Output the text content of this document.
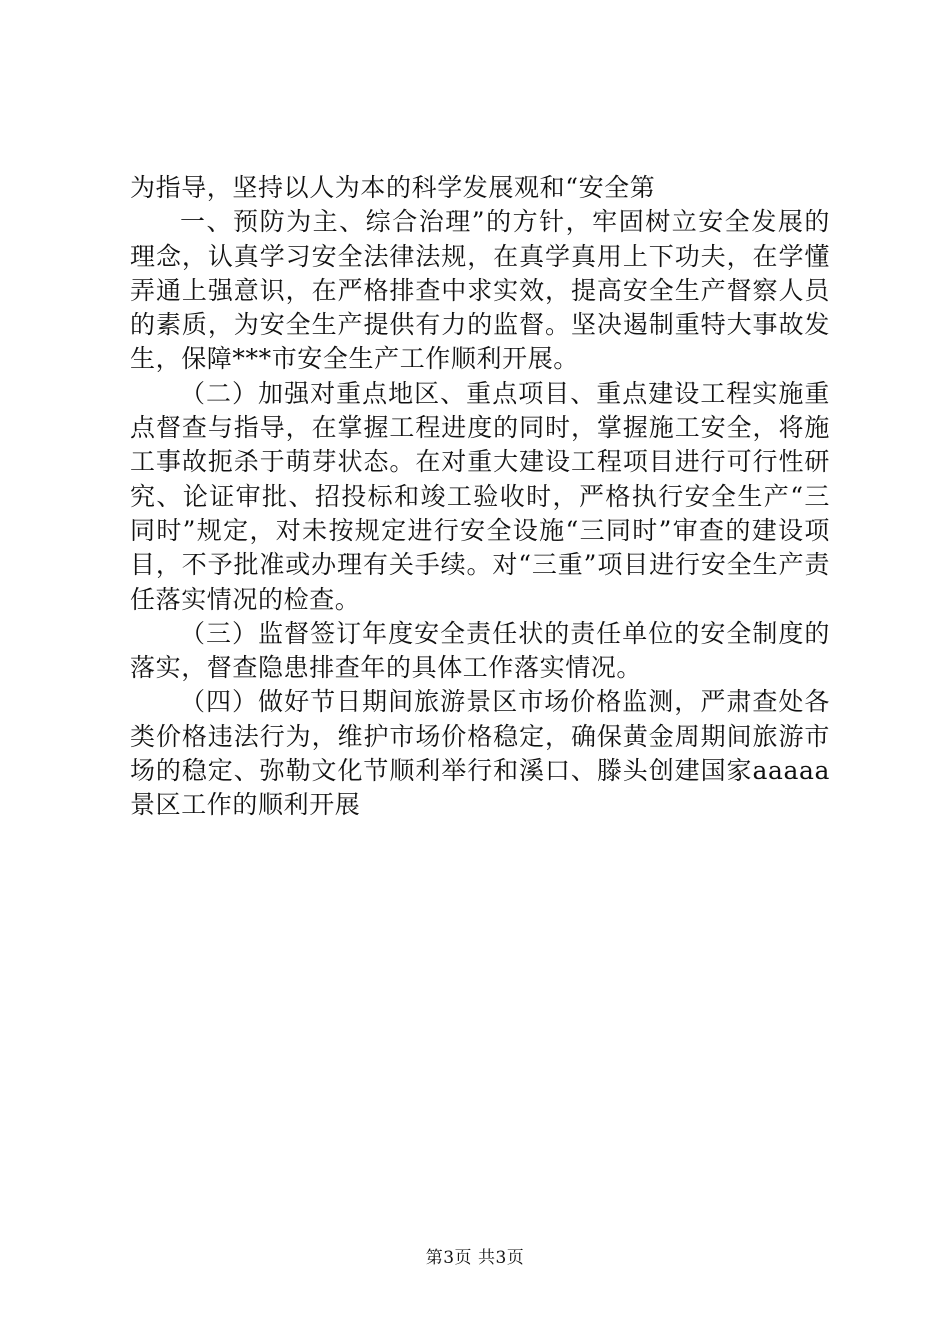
为指导，坚持以人为本的科学发展观和“安全第

一、预防为主、综合治理”的方针，牢固树立安全发展的理念，认真学习安全法律法规，在真学真用上下功夫，在学懂弄通上强意识，在严格排查中求实效，提高安全生产督察人员的素质，为安全生产提供有力的监督。坚决遏制重特大事故发生，保障***市安全生产工作顺利开展。

（二）加强对重点地区、重点项目、重点建设工程实施重点督查与指导，在掌握工程进度的同时，掌握施工安全，将施工事故扼杀于萌芽状态。在对重大建设工程项目进行可行性研究、论证审批、招投标和竣工验收时，严格执行安全生产“三同时”规定，对未按规定进行安全设施“三同时”审查的建设项目，不予批准或办理有关手续。对“三重”项目进行安全生产责任落实情况的检查。

（三）监督签订年度安全责任状的责任单位的安全制度的落实，督查隐患排查年的具体工作落实情况。

（四）做好节日期间旅游景区市场价格监测，严肃查处各类价格违法行为，维护市场价格稳定，确保黄金周期间旅游市场的稳定、弥勒文化节顺利举行和溪口、滕头创建国家aaaaa景区工作的顺利开展

第3页 共3页
